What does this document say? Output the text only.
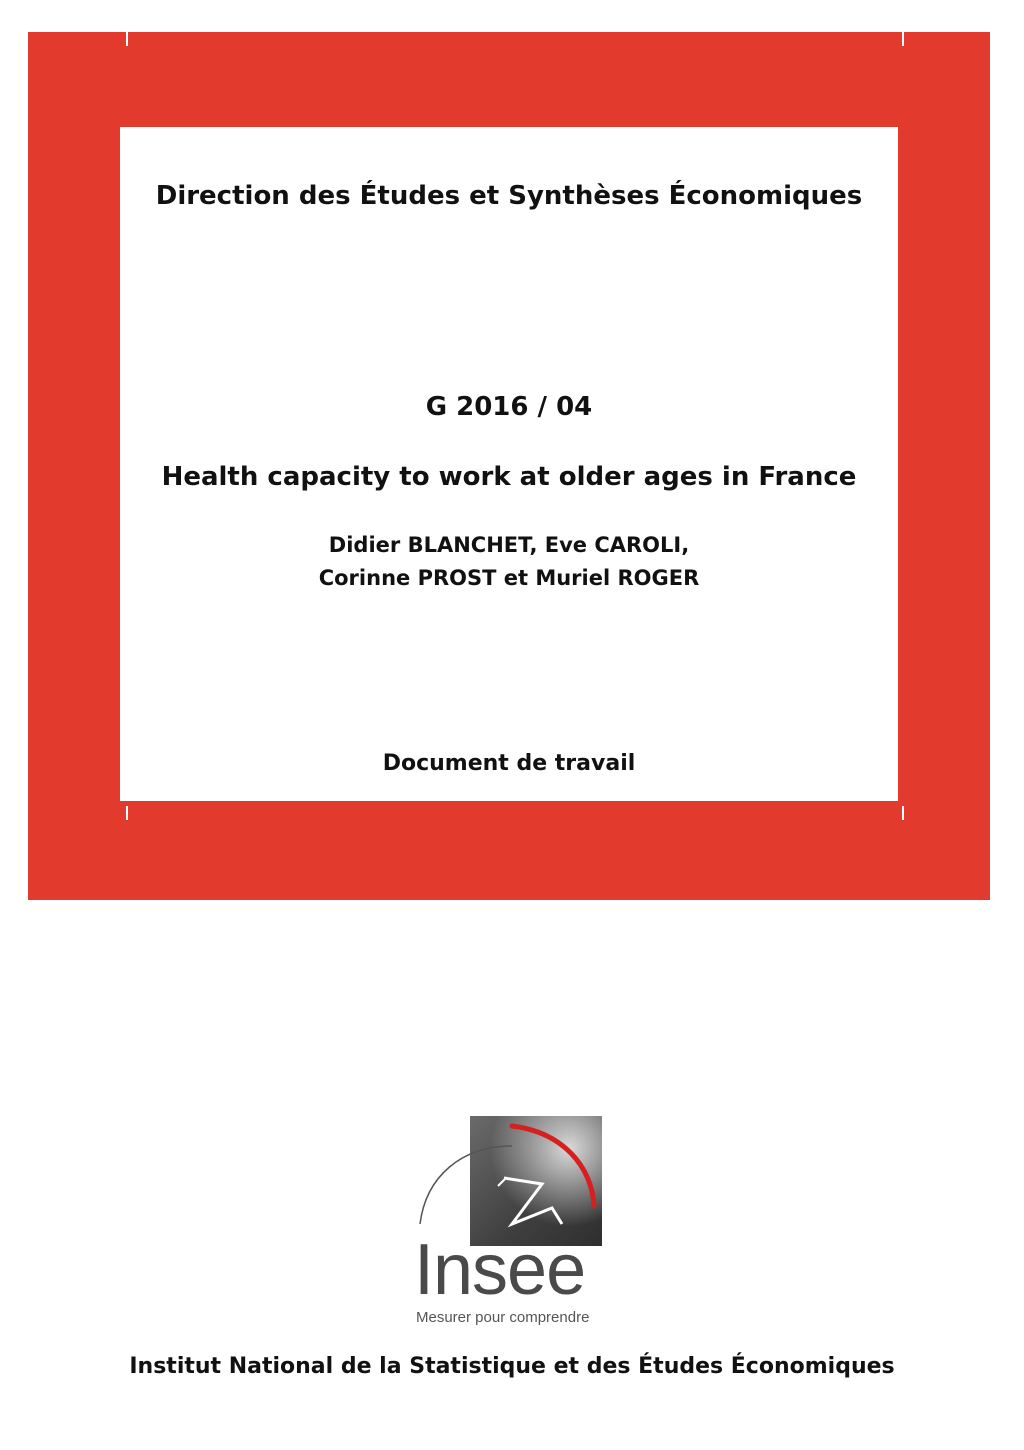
Direction des Études et Synthèses Économiques
G 2016 / 04
Health capacity to work at older ages in France
Didier BLANCHET, Eve CAROLI,
Corinne PROST et Muriel ROGER
Document de travail
Insee
Mesurer pour comprendre
Institut National de la Statistique et des Études Économiques
